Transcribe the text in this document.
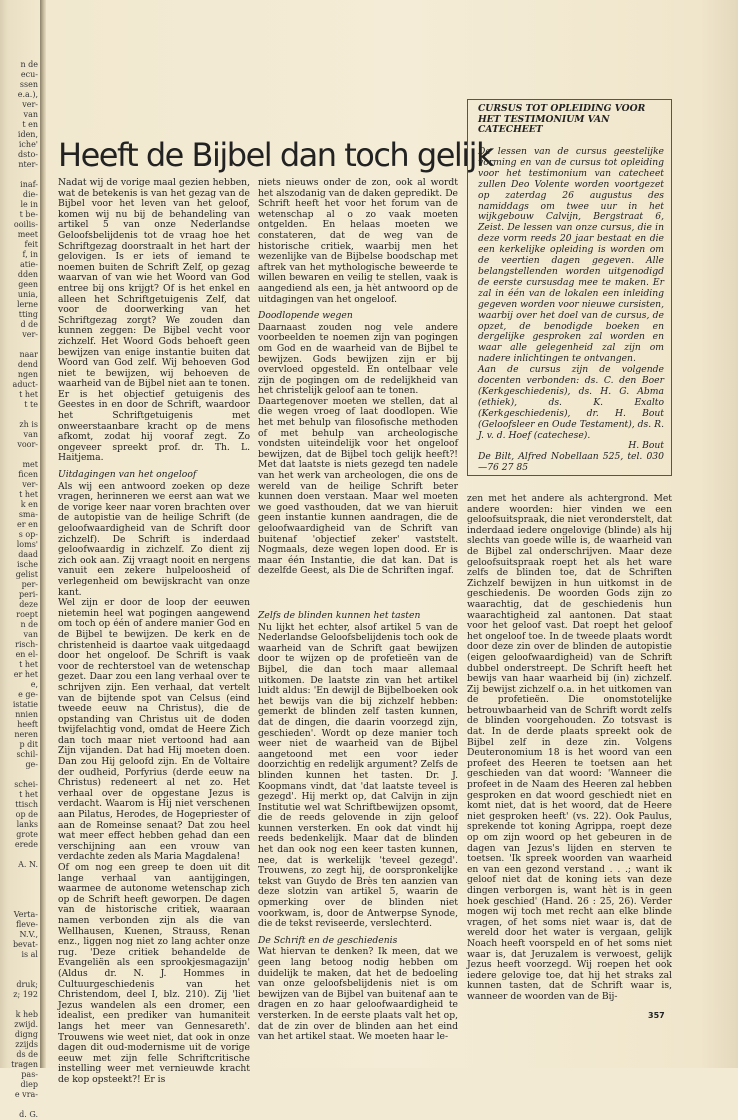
n de
ecu-
ssen
e.a.),
ver-
van
t en
iden,
iche'
dsto-
nter-

inaf-
die-
le in
t be-
ooilis-
meet
feit
f, in
atie-
dden
geen
unia,
lerne
tting
d de
ver-

naar
dend
ngen
aduct-
t het
t te

zh is
van
voor-

met
ficen
ver-
t het
k en
sma-
er en
s op-
loms'
daad
ische
gelist
per-
peri-
deze
roept
n de
van
risch-
en el-
t het
er het
e,
e ge-
istatie
nnien
heeft
neren
p dit
schil-
ge-

schei-
t het
ttisch
op de
lanks
grote
erede

A. N.

Verta-
fleve-
N.V.,
bevat-
is al

druk;
z; 192

k heb
zwijd.
digng
zzijds
ds de
tragen
pas-
diep
e vra-

d. G.
Heeft de Bijbel dan toch gelijk

Nadat wij de vorige maal gezien hebben, wat de betekenis is van het gezag van de Bijbel voor het leven van het geloof, komen wij nu bij de behandeling van artikel 5 van onze Nederlandse Geloofsbelijdenis tot de vraag hoe het Schriftgezag doorstraalt in het hart der gelovigen. Is er iets of iemand te noemen buiten de Schrift Zelf, op gezag waarvan of van wie het Woord van God entree bij ons krijgt? Of is het enkel en alleen het Schriftgetuigenis Zelf, dat voor de doorwerking van het Schriftgezag zorgt? We zouden dan kunnen zeggen: De Bijbel vecht voor zichzelf. Het Woord Gods behoeft geen bewijzen van enige instantie buiten dat Woord van God zelf. Wij behoeven God niet te bewijzen, wij behoeven de waarheid van de Bijbel niet aan te tonen. Er is het objectief getuigenis des Geestes in en door de Schrift, waardoor het Schriftgetuigenis met onweerstaanbare kracht op de mens afkomt, zodat hij vooraf zegt. Zo ongeveer spreekt prof. dr. Th. L. Haitjema.

Uitdagingen van het ongeloof

Als wij een antwoord zoeken op deze vragen, herinneren we eerst aan wat we de vorige keer naar voren brachten over de autopistie van de heilige Schrift (de geloofwaardigheid van de Schrift door zichzelf). De Schrift is inderdaad geloofwaardig in zichzelf. Zo dient zij zich ook aan. Zij vraagt nooit en nergens vanuit een zekere hulpeloosheid of verlegenheid om bewijskracht van onze kant.

Wel zijn er door de loop der eeuwen nietemin heel wat pogingen aangewend om toch op één of andere manier God en de Bijbel te bewijzen. De kerk en de christenheid is daartoe vaak uitgedaagd door het ongeloof. De Schrift is vaak voor de rechterstoel van de wetenschap gezet. Daar zou een lang verhaal over te schrijven zijn. Een verhaal, dat vertelt van de bijtende spot van Celsus (eind tweede eeuw na Christus), die de opstanding van Christus uit de doden twijfelachtig vond, omdat de Heere Zich dan toch maar niet vertoond had aan Zijn vijanden. Dat had Hij moeten doen. Dan zou Hij geloofd zijn. En de Voltaire der oudheid, Porfyrius (derde eeuw na Christus) redeneert al net zo. Het verhaal over de opgestane Jezus is verdacht. Waarom is Hij niet verschenen aan Pilatus, Herodes, de Hogepriester of aan de Romeinse senaat? Dat zou heel wat meer effect hebben gehad dan een verschijning aan een vrouw van verdachte zeden als Maria Magdalena!

Of om nog een greep te doen uit dit lange verhaal van aantijgingen, waarmee de autonome wetenschap zich op de Schrift heeft geworpen. De dagen van de historische critiek, waaraan namen verbonden zijn als die van Wellhausen, Kuenen, Strauss, Renan enz., liggen nog niet zo lang achter onze rug. 'Deze critiek behandelde de Evangeliën als een sprookjesmagazijn' (Aldus dr. N. J. Hommes in Cultuurgeschiedenis van het Christendom, deel I, blz. 210). Zij 'liet Jezus wandelen als een dromer, een idealist, een prediker van humaniteit langs het meer van Gennesareth'. Trouwens wie weet niet, dat ook in onze dagen dit oud-modernisme uit de vorige eeuw met zijn felle Schriftcritische instelling weer met vernieuwde kracht de kop opsteekt?! Er is

niets nieuws onder de zon, ook al wordt het alszodanig van de daken gepredikt. De Schrift heeft het voor het forum van de wetenschap al o zo vaak moeten ontgelden. En helaas moeten we constateren, dat de weg van de historische critiek, waarbij men het wezenlijke van de Bijbelse boodschap met aftrek van het mythologische beweerde te willen bewaren en veilig te stellen, vaak is aangediend als een, ja hèt antwoord op de uitdagingen van het ongeloof.

Doodlopende wegen

Daarnaast zouden nog vele andere voorbeelden te noemen zijn van pogingen om God en de waarheid van de Bijbel te bewijzen. Gods bewijzen zijn er bij overvloed opgesteld. En ontelbaar vele zijn de pogingen om de redelijkheid van het christelijk geloof aan te tonen.

Daartegenover moeten we stellen, dat al die wegen vroeg of laat doodlopen. Wie het met behulp van filosofische methoden of met behulp van archeologische vondsten uiteindelijk voor het ongeloof bewijzen, dat de Bijbel toch gelijk heeft?! Met dat laatste is niets gezegd ten nadele van het werk van archeologen, die ons de wereld van de heilige Schrift beter kunnen doen verstaan. Maar wel moeten we goed vasthouden, dat we van hieruit geen instantie kunnen aandragen, die de geloofwaardigheid van de Schrift van buitenaf 'objectief zeker' vaststelt. Nogmaals, deze wegen lopen dood. Er is maar één Instantie, die dat kan. Dat is dezelfde Geest, als Die de Schriften ingaf.

Zelfs de blinden kunnen het tasten

Nu lijkt het echter, alsof artikel 5 van de Nederlandse Geloofsbelijdenis toch ook de waarheid van de Schrift gaat bewijzen door te wijzen op de profetieën van de Bijbel, die dan toch maar allemaal uitkomen. De laatste zin van het artikel luidt aldus: 'En dewijl de Bijbelboeken ook het bewijs van die bij zichzelf hebben: gemerkt de blinden zelf tasten kunnen, dat de dingen, die daarin voorzegd zijn, geschieden'. Wordt op deze manier toch weer niet de waarheid van de Bijbel aangetoond met een voor ieder doorzichtig en redelijk argument? Zelfs de blinden kunnen het tasten. Dr. J. Koopmans vindt, dat 'dat laatste teveel is gezegd'. Hij merkt op, dat Calvijn in zijn Institutie wel wat Schriftbewijzen opsomt, die de reeds gelovende in zijn geloof kunnen versterken. En ook dat vindt hij reeds bedenkelijk. Maar dat de blinden het dan ook nog een keer tasten kunnen, nee, dat is werkelijk 'teveel gezegd'. Trouwens, zo zegt hij, de oorspronkelijke tekst van Guydo de Brès ten aanzien van deze slotzin van artikel 5, waarin de opmerking over de blinden niet voorkwam, is, door de Antwerpse Synode, die de tekst reviseerde, verslechterd.

De Schrift en de geschiedenis

Wat hiervan te denken? Ik meen, dat we geen lang betoog nodig hebben om duidelijk te maken, dat het de bedoeling van onze geloofsbelijdenis niet is om bewijzen van de Bijbel van buitenaf aan te dragen en zo haar geloofwaardigheid te versterken. In de eerste plaats valt het op, dat de zin over de blinden aan het eind van het artikel staat. We moeten haar le-

zen met het andere als achtergrond. Met andere woorden: hier vinden we een geloofsuitspraak, die niet veronderstelt, dat inderdaad iedere ongelovige (blinde) als hij slechts van goede wille is, de waarheid van de Bijbel zal onderschrijven. Maar deze geloofsuitspraak roept het als het ware zelfs de blinden toe, dat de Schriften Zichzelf bewijzen in hun uitkomst in de geschiedenis. De woorden Gods zijn zo waarachtig, dat de geschiedenis hun waarachtigheid zal aantonen. Dat staat voor het geloof vast. Dat roept het geloof het ongeloof toe. In de tweede plaats wordt door deze zin over de blinden de autopistie (eigen geloofwaardigheid) van de Schrift dubbel onderstreept. De Schrift heeft het bewijs van haar waarheid bij (in) zichzelf. Zij bewijst zichzelf o.a. in het uitkomen van de profetieën. Die onomstotelijke betrouwbaarheid van de Schrift wordt zelfs de blinden voorgehouden. Zo totsvast is dat. In de derde plaats spreekt ook de Bijbel zelf in deze zin. Volgens Deuteronomium 18 is het woord van een profeet des Heeren te toetsen aan het geschieden van dat woord: 'Wanneer die profeet in de Naam des Heeren zal hebben gesproken en dat woord geschiedt niet en komt niet, dat is het woord, dat de Heere niet gesproken heeft' (vs. 22). Ook Paulus, sprekende tot koning Agrippa, roept deze op om zijn woord op het gebeuren in de dagen van Jezus's lijden en sterven te toetsen. 'Ik spreek woorden van waarheid en van een gezond verstand . . .; want ik geloof niet dat de koning iets van deze dingen verborgen is, want hèt is in geen hoek geschied' (Hand. 26 : 25, 26). Verder mogen wij toch met recht aan elke blinde vragen, of het soms niet waar is, dat de wereld door het water is vergaan, gelijk Noach heeft voorspeld en of het soms niet waar is, dat Jeruzalem is verwoest, gelijk Jezus heeft voorzegd. Wij roepen het ook iedere gelovige toe, dat hij het straks zal kunnen tasten, dat de Schrift waar is, wanneer de woorden van de Bij-

CURSUS TOT OPLEIDING VOOR HET TESTIMONIUM VAN CATECHEET

De lessen van de cursus geestelijke vorming en van de cursus tot opleiding voor het testimonium van catecheet zullen Deo Volente worden voortgezet op zaterdag 26 augustus des namiddags om twee uur in het wijkgebouw Calvijn, Bergstraat 6, Zeist. De lessen van onze cursus, die in deze vorm reeds 20 jaar bestaat en die een kerkelijke opleiding is worden om de veertien dagen gegeven. Alle belangstellenden worden uitgenodigd de eerste cursusdag mee te maken. Er zal in één van de lokalen een inleiding gegeven worden voor nieuwe cursisten, waarbij over het doel van de cursus, de opzet, de benodigde boeken en dergelijke gesproken zal worden en waar alle gelegenheid zal zijn om nadere inlichtingen te ontvangen.

Aan de cursus zijn de volgende docenten verbonden: ds. C. den Boer (Kerkgeschiedenis), ds. H. G. Abma (ethiek), ds. K. Exalto (Kerkgeschiedenis), dr. H. Bout (Geloofsleer en Oude Testament), ds. R. J. v. d. Hoef (catechese).

H. Bout

De Bilt, Alfred Nobellaan 525, tel. 030—76 27 85

357
